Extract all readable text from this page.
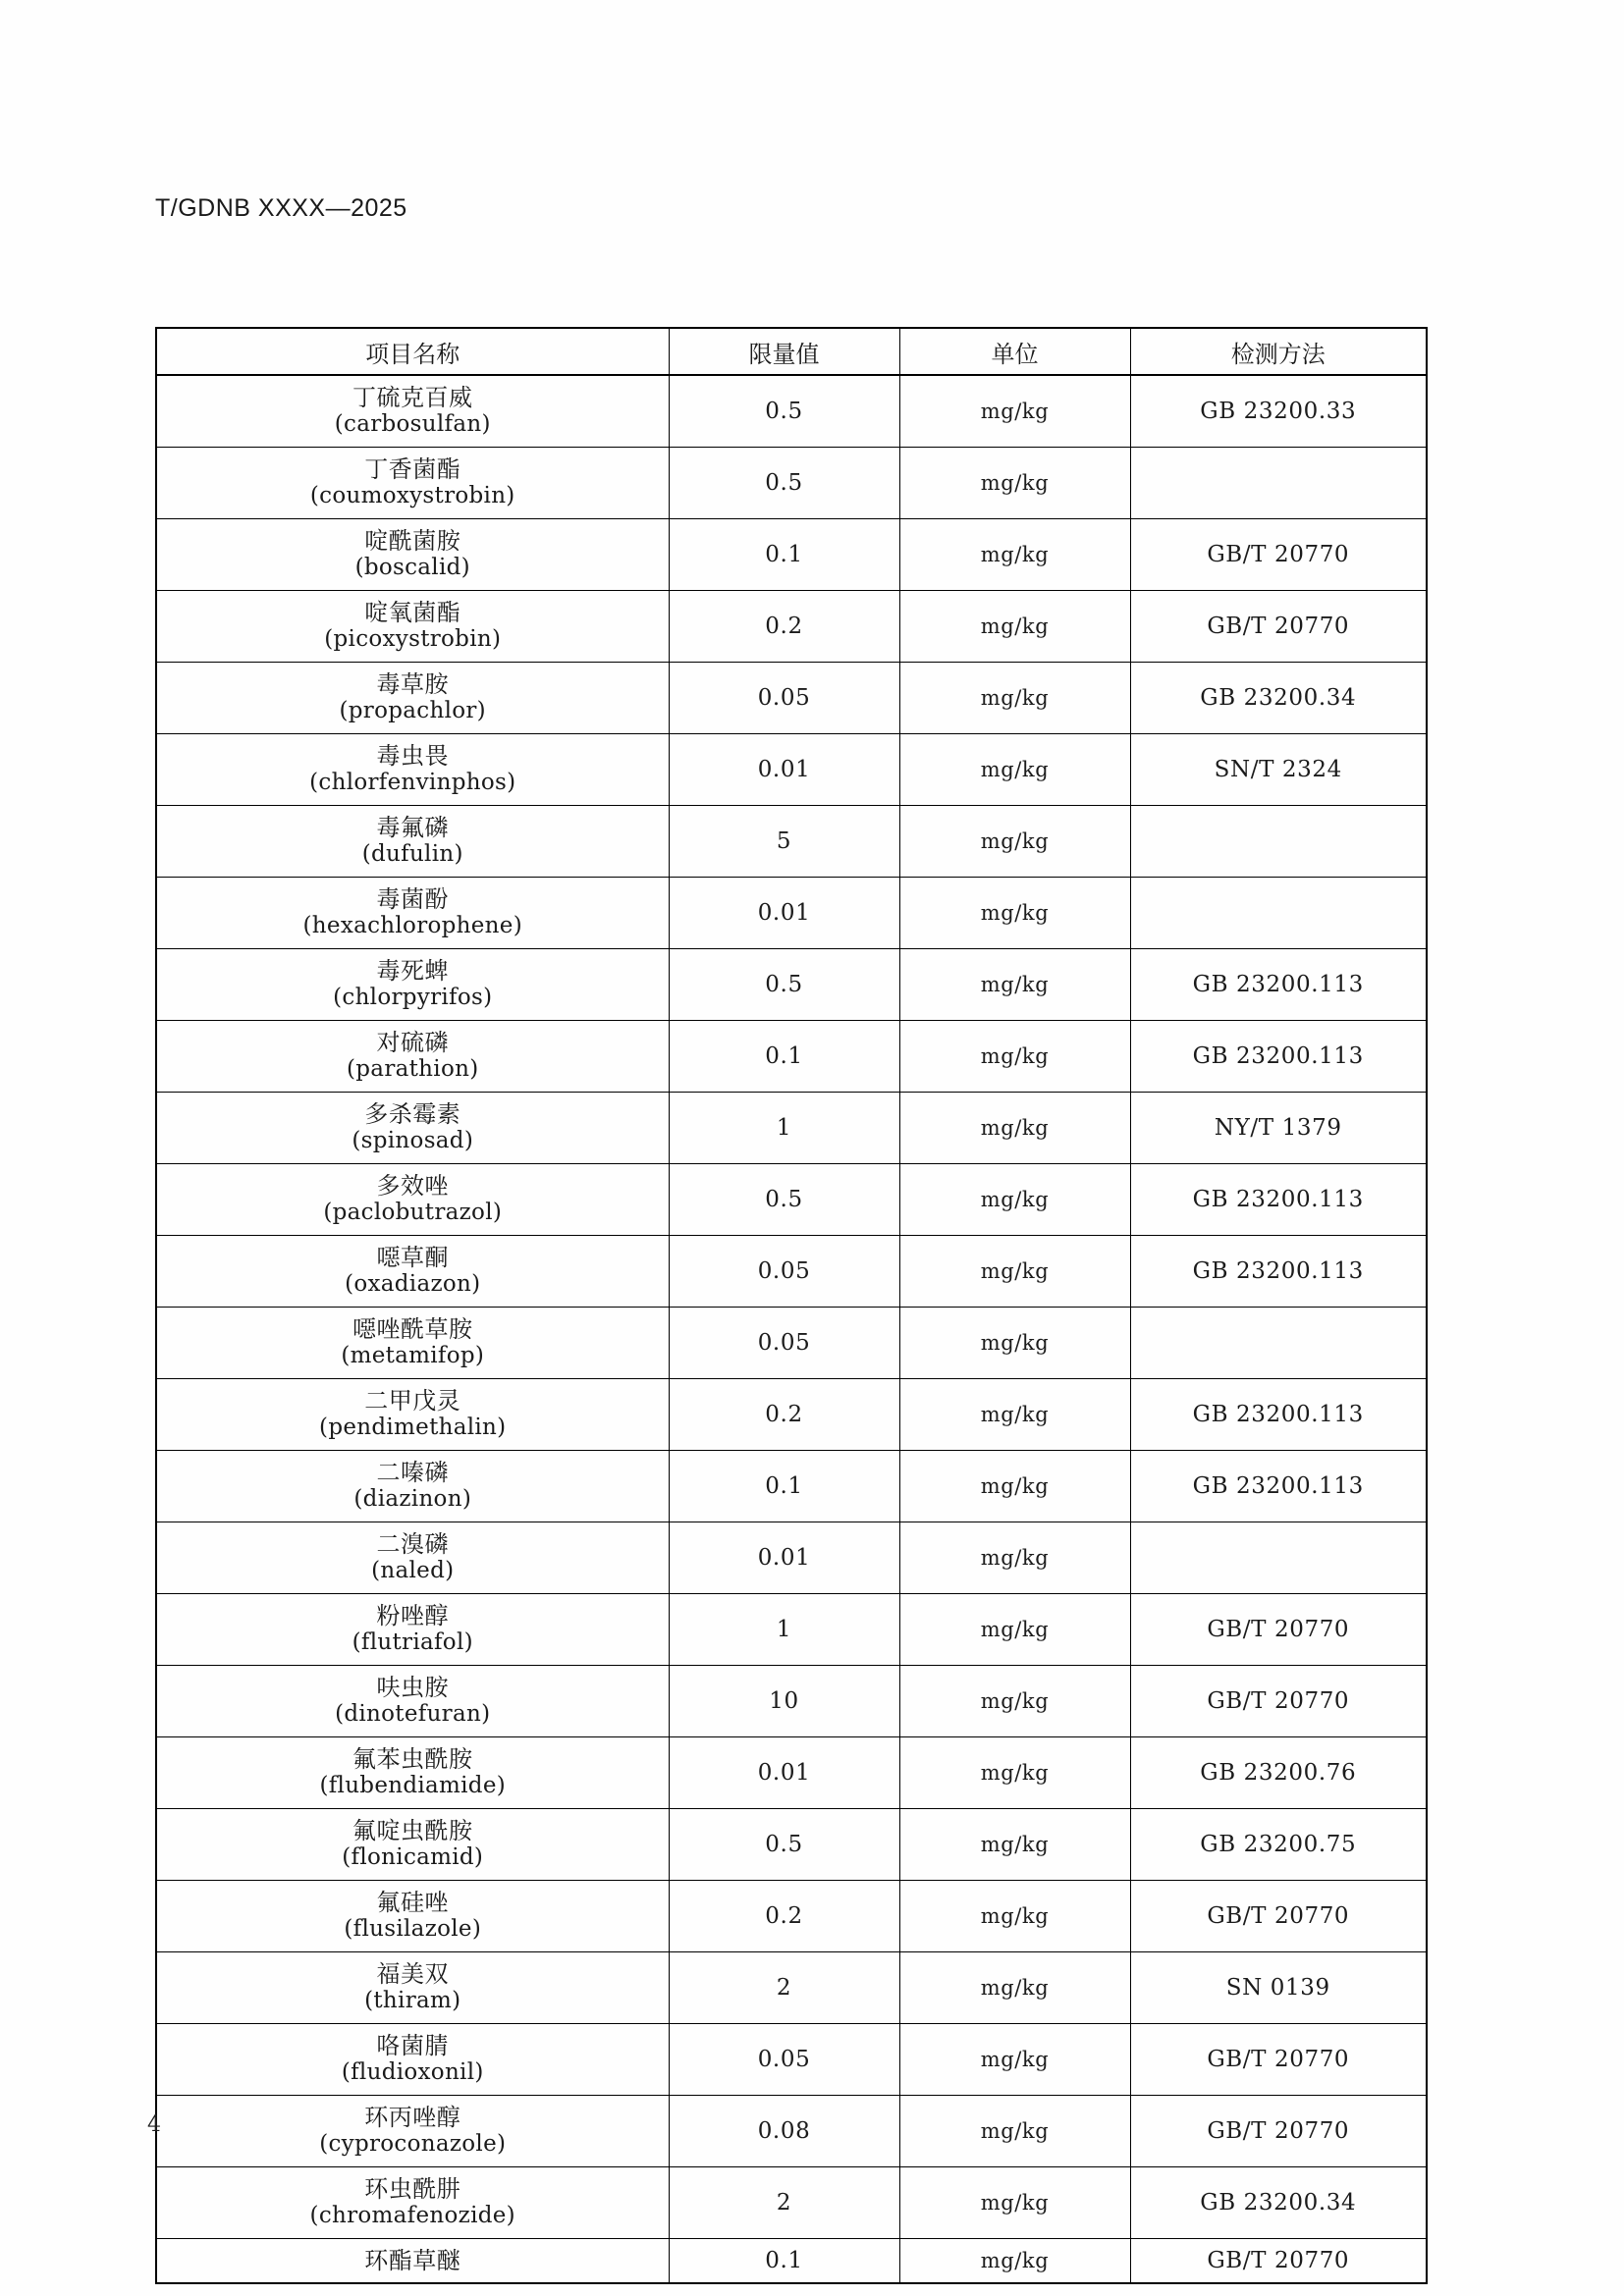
T/GDNB XXXX—2025
项目名称	限量值	单位	检测方法

丁硫克百威
(carbosulfan)	0.5	mg/kg	GB 23200.33

丁香菌酯
(coumoxystrobin)	0.5	mg/kg	

啶酰菌胺
(boscalid)	0.1	mg/kg	GB/T 20770

啶氧菌酯
(picoxystrobin)	0.2	mg/kg	GB/T 20770

毒草胺
(propachlor)	0.05	mg/kg	GB 23200.34

毒虫畏
(chlorfenvinphos)	0.01	mg/kg	SN/T 2324

毒氟磷
(dufulin)	5	mg/kg	

毒菌酚
(hexachlorophene)	0.01	mg/kg	

毒死蜱
(chlorpyrifos)	0.5	mg/kg	GB 23200.113

对硫磷
(parathion)	0.1	mg/kg	GB 23200.113

多杀霉素
(spinosad)	1	mg/kg	NY/T 1379

多效唑
(paclobutrazol)	0.5	mg/kg	GB 23200.113

噁草酮
(oxadiazon)	0.05	mg/kg	GB 23200.113

噁唑酰草胺
(metamifop)	0.05	mg/kg	

二甲戊灵
(pendimethalin)	0.2	mg/kg	GB 23200.113

二嗪磷
(diazinon)	0.1	mg/kg	GB 23200.113

二溴磷
(naled)	0.01	mg/kg	

粉唑醇
(flutriafol)	1	mg/kg	GB/T 20770

呋虫胺
(dinotefuran)	10	mg/kg	GB/T 20770

氟苯虫酰胺
(flubendiamide)	0.01	mg/kg	GB 23200.76

氟啶虫酰胺
(flonicamid)	0.5	mg/kg	GB 23200.75

氟硅唑
(flusilazole)	0.2	mg/kg	GB/T 20770

福美双
(thiram)	2	mg/kg	SN 0139

咯菌腈
(fludioxonil)	0.05	mg/kg	GB/T 20770

环丙唑醇
(cyproconazole)	0.08	mg/kg	GB/T 20770

环虫酰肼
(chromafenozide)	2	mg/kg	GB 23200.34

环酯草醚	0.1	mg/kg	GB/T 20770
4
